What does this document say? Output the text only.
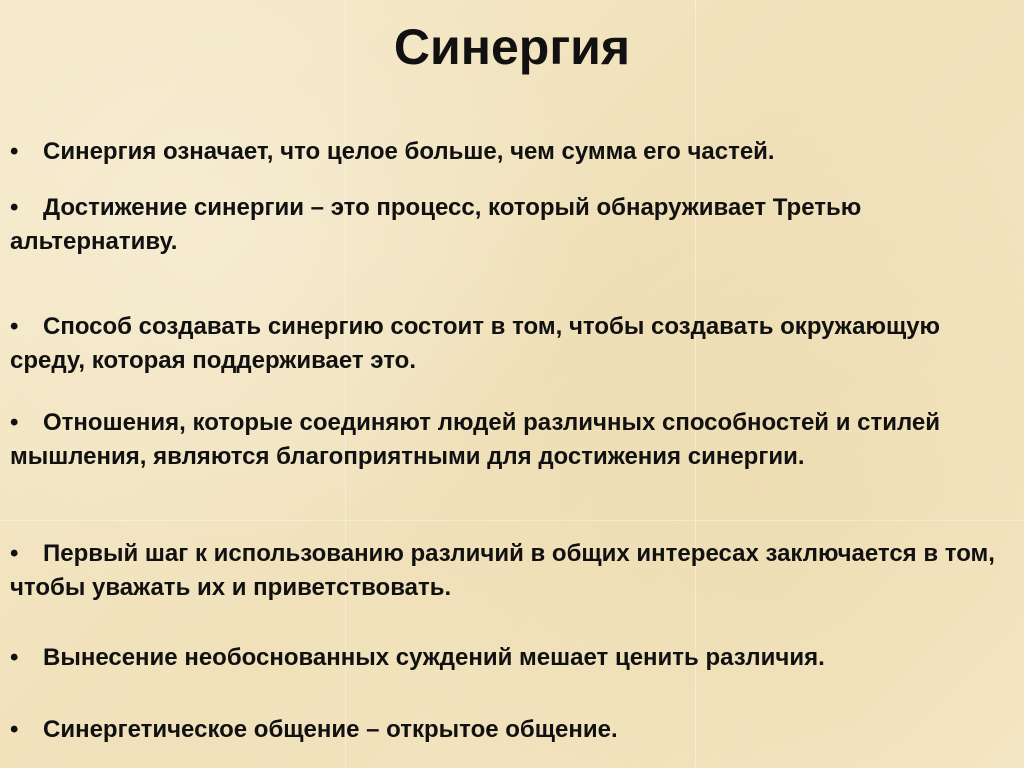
Синергия

• Синергия означает, что целое больше, чем сумма его частей.

• Достижение синергии – это процесс, который обнаруживает Третью альтернативу.

• Способ создавать синергию состоит в том, чтобы создавать окружающую среду, которая поддерживает это.

• Отношения, которые соединяют людей различных способностей и стилей мышления, являются благоприятными для достижения синергии.

• Первый шаг к использованию различий в общих интересах заключается в том, чтобы уважать их и приветствовать.

• Вынесение необоснованных суждений мешает ценить различия.

• Синергетическое общение – открытое общение.
